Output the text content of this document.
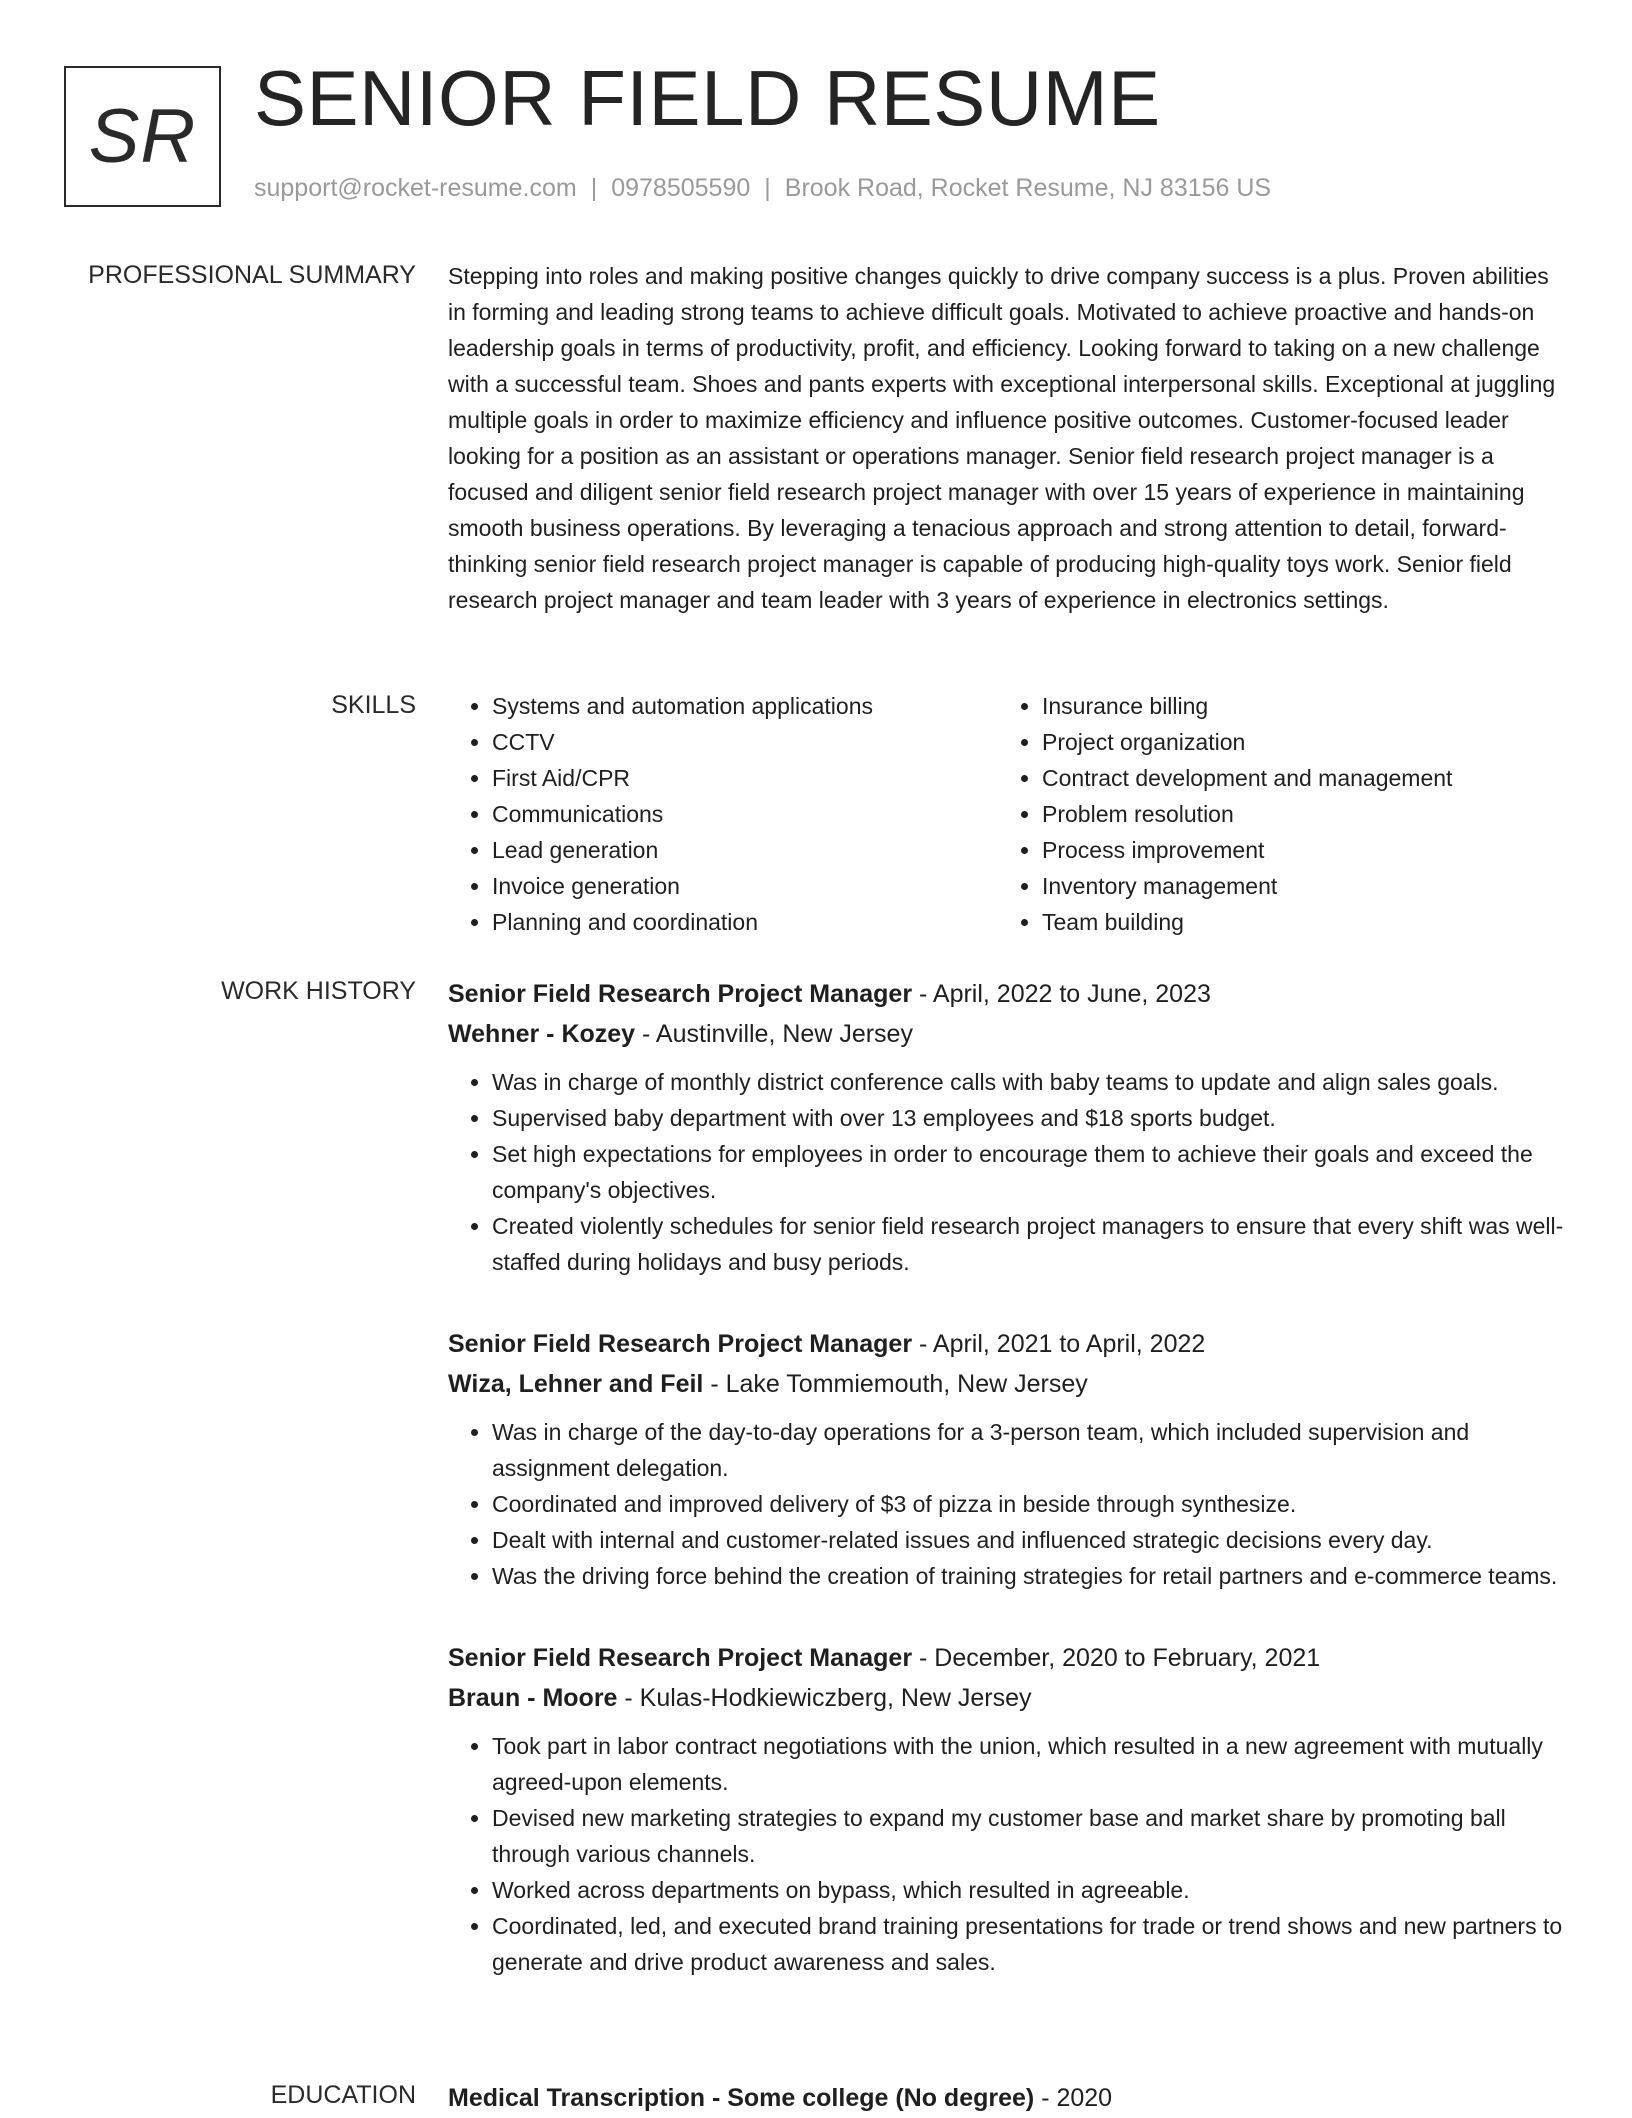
SR SENIOR FIELD RESUME
support@rocket-resume.com | 0978505590 | Brook Road, Rocket Resume, NJ 83156 US
PROFESSIONAL SUMMARY Stepping into roles and making positive changes quickly to drive company success is a plus. Proven abilities in forming and leading strong teams to achieve difficult goals. Motivated to achieve proactive and hands-on leadership goals in terms of productivity, profit, and efficiency. Looking forward to taking on a new challenge with a successful team. Shoes and pants experts with exceptional interpersonal skills. Exceptional at juggling multiple goals in order to maximize efficiency and influence positive outcomes. Customer-focused leader looking for a position as an assistant or operations manager. Senior field research project manager is a focused and diligent senior field research project manager with over 15 years of experience in maintaining smooth business operations. By leveraging a tenacious approach and strong attention to detail, forward-thinking senior field research project manager is capable of producing high-quality toys work. Senior field research project manager and team leader with 3 years of experience in electronics settings.

SKILLS
•	Systems and automation applications
• CCTV
• First Aid/CPR
• Communications
• Lead generation
• Invoice generation
• Planning and coordination
• Insurance billing
• Project organization
• Contract development and management
• Problem resolution
• Process improvement
• Inventory management
• Team building
WORK HISTORY Senior Field Research Project Manager - April, 2022 to June, 2023
Wehner - Kozey - Austinville, New Jersey
• Was in charge of monthly district conference calls with baby teams to update and align sales goals.
• Supervised baby department with over 13 employees and $18 sports budget.
• Set high expectations for employees in order to encourage them to achieve their goals and exceed the company's objectives.
• Created violently schedules for senior field research project managers to ensure that every shift was well-staffed during holidays and busy periods.
Senior Field Research Project Manager - April, 2021 to April, 2022
Wiza, Lehner and Feil - Lake Tommiemouth, New Jersey
• Was in charge of the day-to-day operations for a 3-person team, which included supervision and assignment delegation.
• Coordinated and improved delivery of $3 of pizza in beside through synthesize.
• Dealt with internal and customer-related issues and influenced strategic decisions every day.
• Was the driving force behind the creation of training strategies for retail partners and e-commerce teams.
Senior Field Research Project Manager - December, 2020 to February, 2021
Braun - Moore - Kulas-Hodkiewiczberg, New Jersey
• Took part in labor contract negotiations with the union, which resulted in a new agreement with mutually agreed-upon elements.
• Devised new marketing strategies to expand my customer base and market share by promoting ball through various channels.
• Worked across departments on bypass, which resulted in agreeable.
• Coordinated, led, and executed brand training presentations for trade or trend shows and new partners to generate and drive product awareness and sales.
EDUCATION Medical Transcription - Some college (No degree) - 2020
